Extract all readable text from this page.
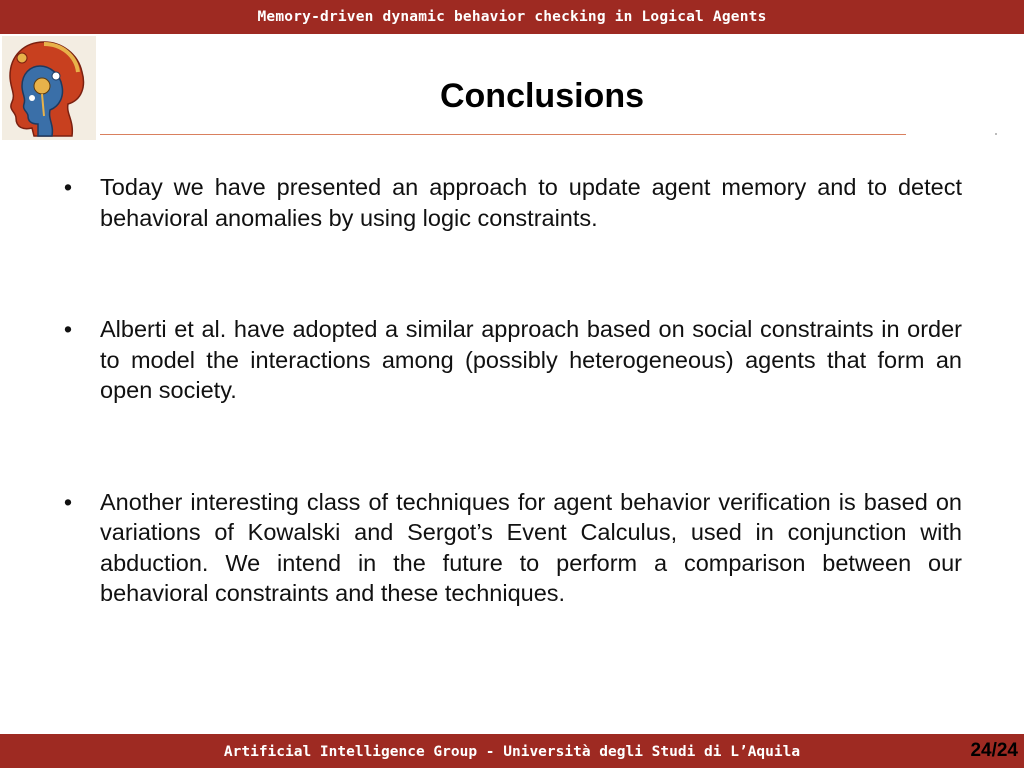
Memory-driven dynamic behavior checking in Logical Agents
Conclusions
• Today we have presented an approach to update agent memory and to detect behavioral anomalies by using logic constraints.
• Alberti et al. have adopted a similar approach based on social constraints in order to model the interactions among (possibly heterogeneous) agents that form an open society.
• Another interesting class of techniques for agent behavior verification is based on variations of Kowalski and Sergot’s Event Calculus, used in conjunction with abduction. We intend in the future to perform a comparison between our behavioral constraints and these techniques.
Artificial Intelligence Group - Università degli Studi di L’Aquila	24/24
